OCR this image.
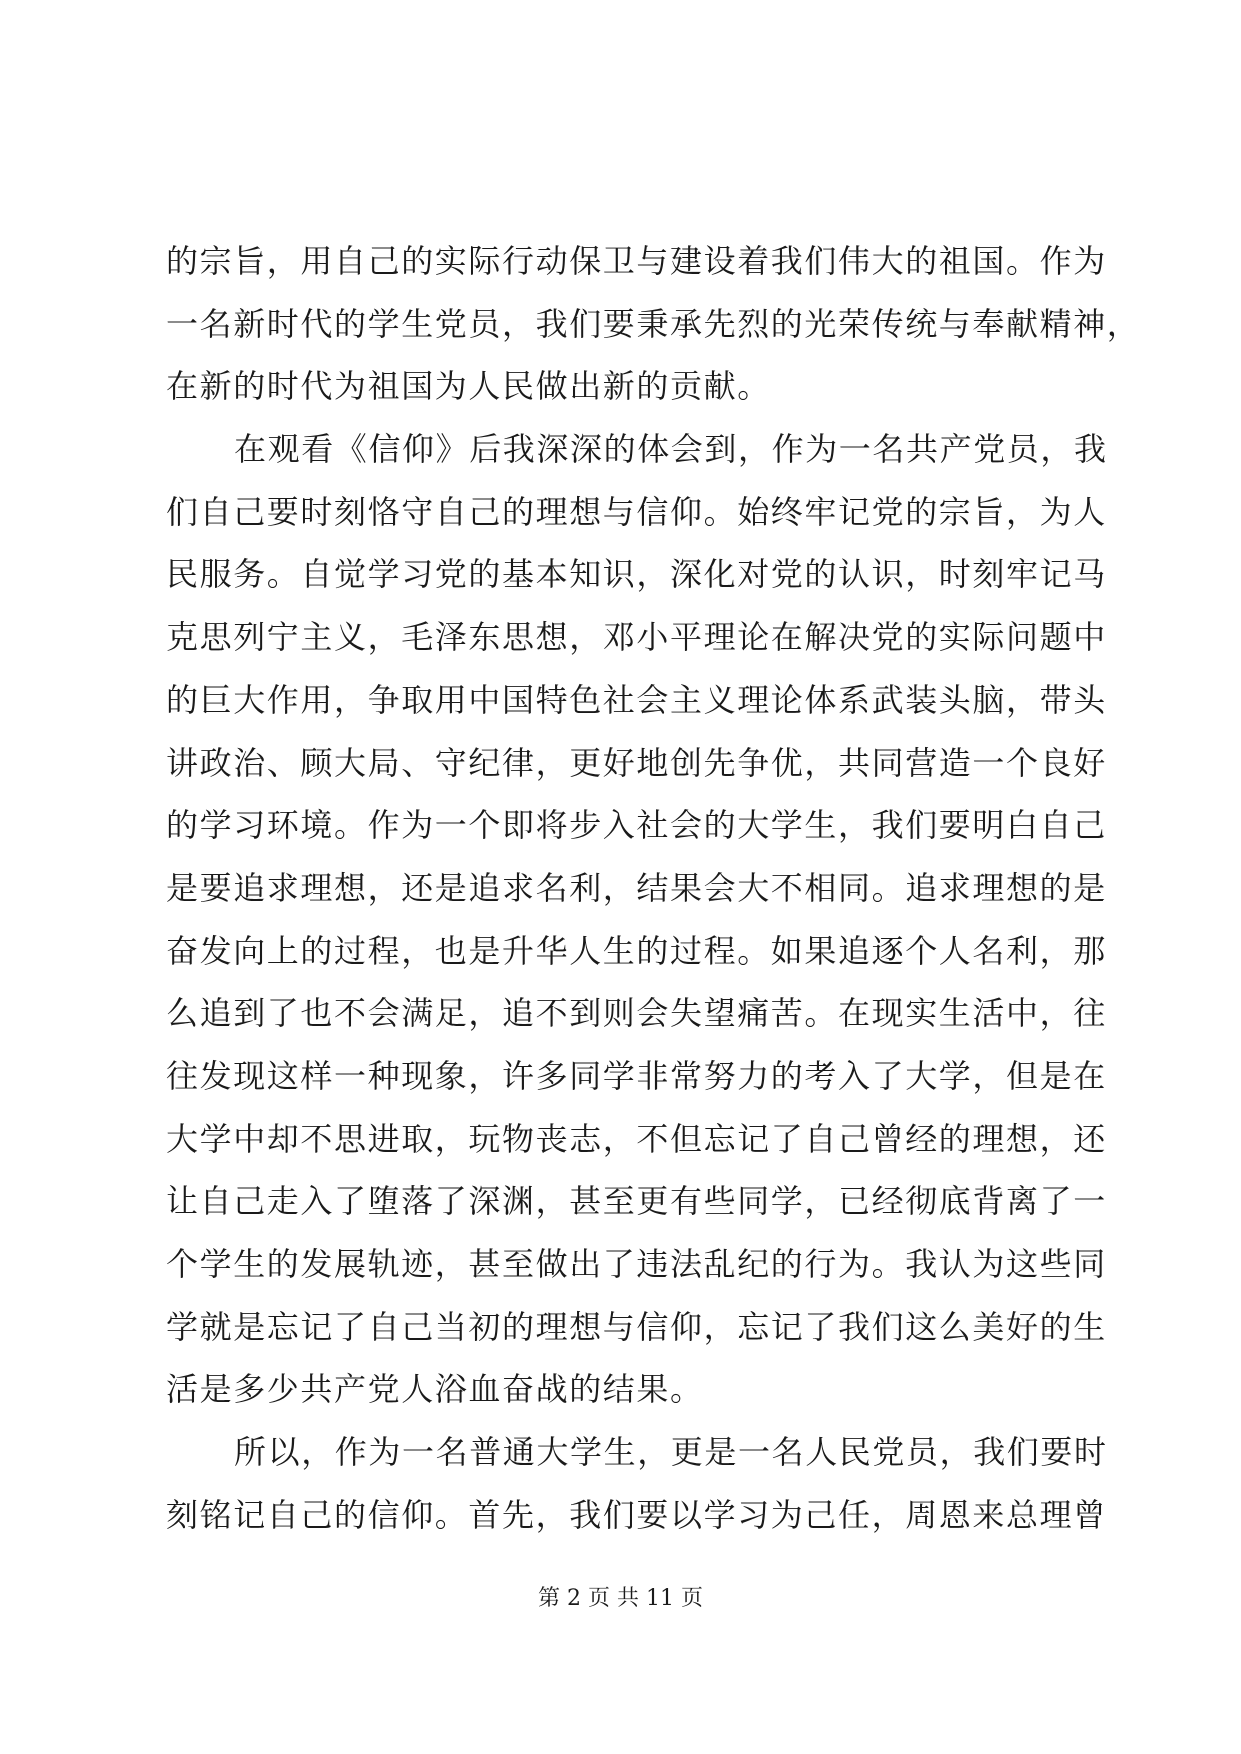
的宗旨，用自己的实际行动保卫与建设着我们伟大的祖国。作为
一名新时代的学生党员，我们要秉承先烈的光荣传统与奉献精神，
在新的时代为祖国为人民做出新的贡献。
在观看《信仰》后我深深的体会到，作为一名共产党员，我
们自己要时刻恪守自己的理想与信仰。始终牢记党的宗旨，为人
民服务。自觉学习党的基本知识，深化对党的认识，时刻牢记马
克思列宁主义，毛泽东思想，邓小平理论在解决党的实际问题中
的巨大作用，争取用中国特色社会主义理论体系武装头脑，带头
讲政治、顾大局、守纪律，更好地创先争优，共同营造一个良好
的学习环境。作为一个即将步入社会的大学生，我们要明白自己
是要追求理想，还是追求名利，结果会大不相同。追求理想的是
奋发向上的过程，也是升华人生的过程。如果追逐个人名利，那
么追到了也不会满足，追不到则会失望痛苦。在现实生活中，往
往发现这样一种现象，许多同学非常努力的考入了大学，但是在
大学中却不思进取，玩物丧志，不但忘记了自己曾经的理想，还
让自己走入了堕落了深渊，甚至更有些同学，已经彻底背离了一
个学生的发展轨迹，甚至做出了违法乱纪的行为。我认为这些同
学就是忘记了自己当初的理想与信仰，忘记了我们这么美好的生
活是多少共产党人浴血奋战的结果。
所以，作为一名普通大学生，更是一名人民党员，我们要时
刻铭记自己的信仰。首先，我们要以学习为己任，周恩来总理曾
第 2 页 共 11 页
